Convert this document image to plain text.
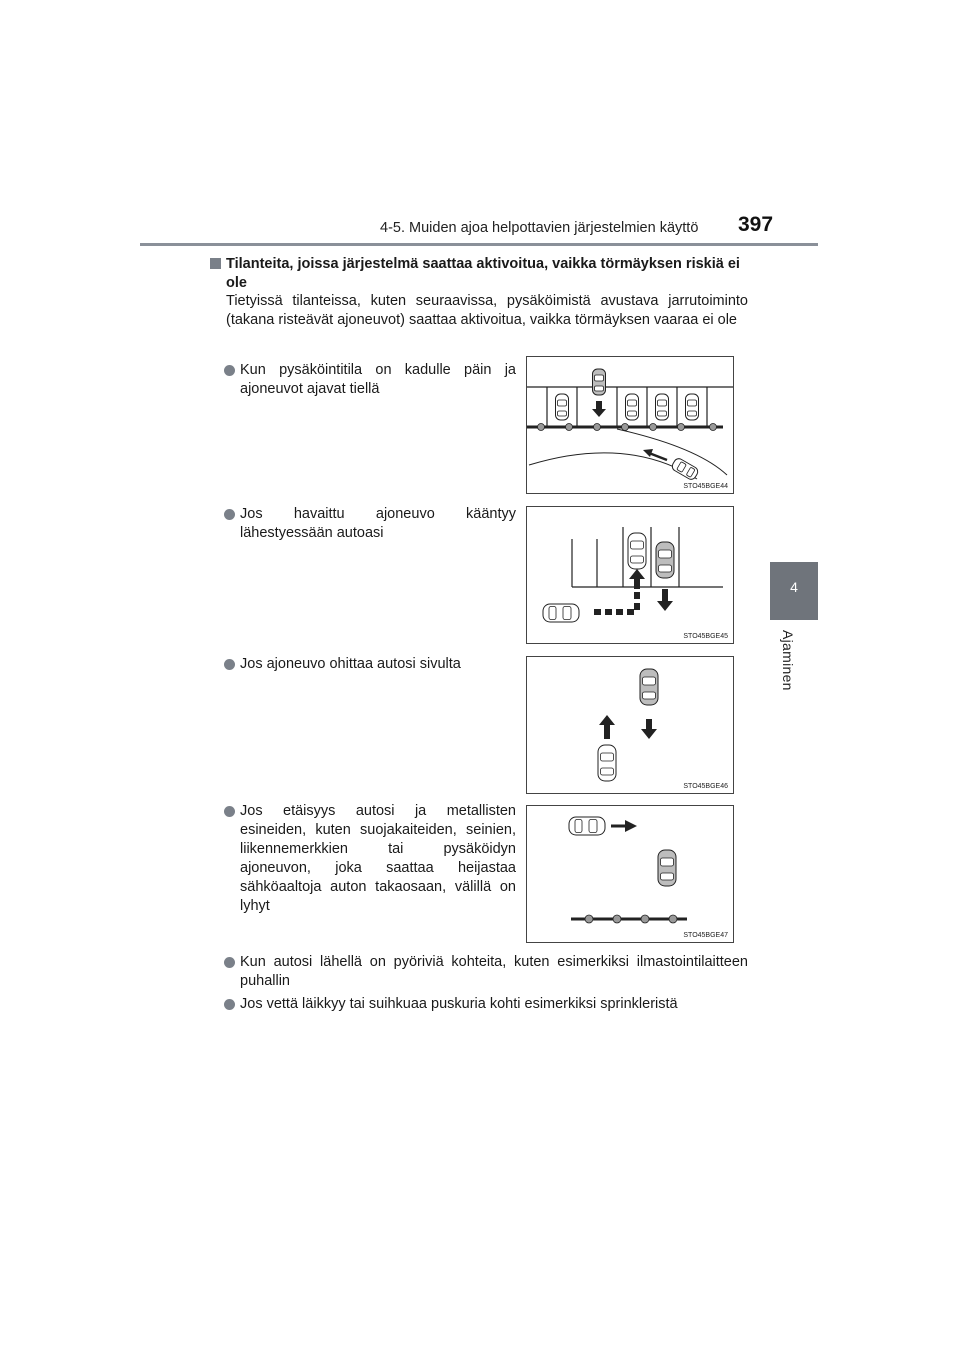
4-5. Muiden ajoa helpottavien järjestelmien käyttö 397
4
Ajaminen
Tilanteita, joissa järjestelmä saattaa aktivoitua, vaikka törmäyksen riskiä ei ole
Tietyissä tilanteissa, kuten seuraavissa, pysäköimistä avustava jarrutoiminto (takana risteävät ajoneuvot) saattaa aktivoitua, vaikka törmäyksen vaaraa ei ole
Kun pysäköintitila on kadulle päin ja ajoneuvot ajavat tiellä
STO45BGE44
Jos havaittu ajoneuvo kääntyy lähestyessään autoasi
STO45BGE45
Jos ajoneuvo ohittaa autosi sivulta
STO45BGE46
Jos etäisyys autosi ja metallisten esineiden, kuten suojakaiteiden, seinien, liikennemerkkien tai pysäköidyn ajoneuvon, joka saattaa heijastaa sähköaaltoja auton takaosaan, välillä on lyhyt
STO45BGE47
Kun autosi lähellä on pyöriviä kohteita, kuten esimerkiksi ilmastointilaitteen puhallin
Jos vettä läikkyy tai suihkuaa puskuria kohti esimerkiksi sprinkleristä
